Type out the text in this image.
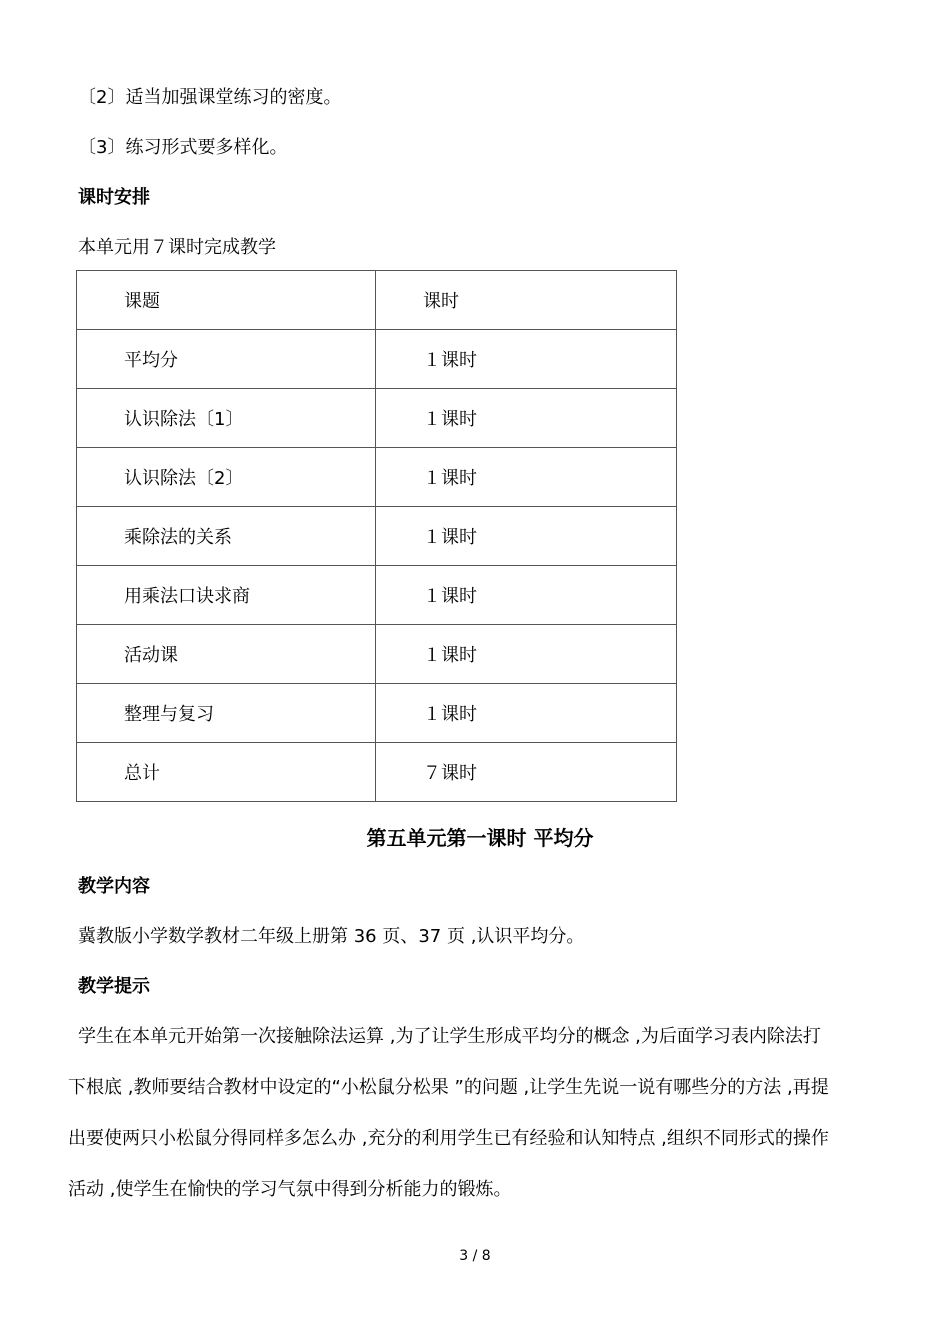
〔2〕适当加强课堂练习的密度。
〔3〕练习形式要多样化。
课时安排
本单元用７课时完成教学
课题	课时
平均分	１课时
认识除法〔1〕	１课时
认识除法〔2〕	１课时
乘除法的关系	１课时
用乘法口诀求商	１课时
活动课	１课时
整理与复习	１课时
总计	７课时
第五单元第一课时 平均分
教学内容
冀教版小学数学教材二年级上册第 36 页、37 页 ,认识平均分。
教学提示
学生在本单元开始第一次接触除法运算 ,为了让学生形成平均分的概念 ,为后面学习表内除法打
下根底 ,教师要结合教材中设定的“小松鼠分松果 ”的问题 ,让学生先说一说有哪些分的方法 ,再提
出要使两只小松鼠分得同样多怎么办 ,充分的利用学生已有经验和认知特点 ,组织不同形式的操作
活动 ,使学生在愉快的学习气氛中得到分析能力的锻炼。
3 / 8
